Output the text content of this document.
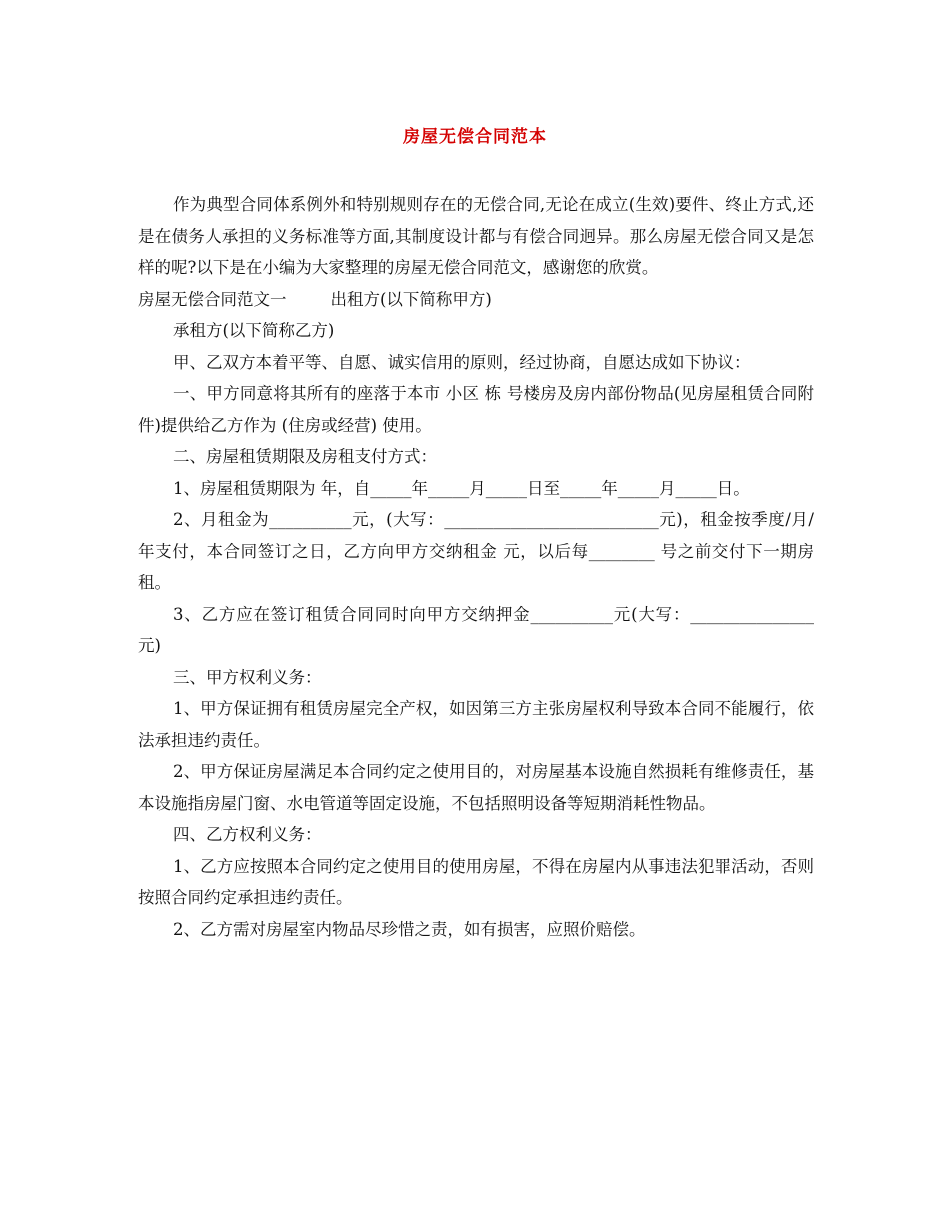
房屋无偿合同范本

作为典型合同体系例外和特别规则存在的无偿合同,无论在成立(生效)要件、终止方式,还是在债务人承担的义务标准等方面,其制度设计都与有偿合同迥异。那么房屋无偿合同又是怎样的呢?以下是在小编为大家整理的房屋无偿合同范文，感谢您的欣赏。

房屋无偿合同范文一	出租方(以下简称甲方)

承租方(以下简称乙方)

甲、乙双方本着平等、自愿、诚实信用的原则，经过协商，自愿达成如下协议：

一、甲方同意将其所有的座落于本市 小区 栋 号楼房及房内部份物品(见房屋租赁合同附件)提供给乙方作为 (住房或经营) 使用。

二、房屋租赁期限及房租支付方式：

1、房屋租赁期限为 年，自_____年_____月_____日至_____年_____月_____日。

2、月租金为__________元，(大写：__________________________元)，租金按季度/月/年支付，本合同签订之日，乙方向甲方交纳租金 元，以后每________ 号之前交付下一期房租。

3、乙方应在签订租赁合同同时向甲方交纳押金__________元(大写：_______________元)

三、甲方权利义务：

1、甲方保证拥有租赁房屋完全产权，如因第三方主张房屋权利导致本合同不能履行，依法承担违约责任。

2、甲方保证房屋满足本合同约定之使用目的，对房屋基本设施自然损耗有维修责任，基本设施指房屋门窗、水电管道等固定设施，不包括照明设备等短期消耗性物品。

四、乙方权利义务：

1、乙方应按照本合同约定之使用目的使用房屋，不得在房屋内从事违法犯罪活动，否则按照合同约定承担违约责任。

2、乙方需对房屋室内物品尽珍惜之责，如有损害，应照价赔偿。
